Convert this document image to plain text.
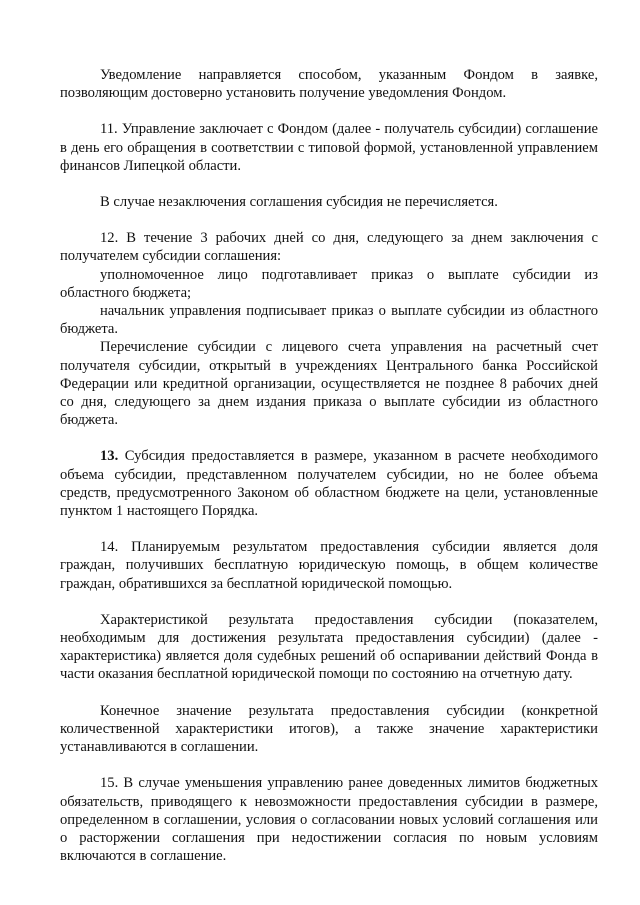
Уведомление направляется способом, указанным Фондом в заявке, позволяющим достоверно установить получение уведомления Фондом.

11. Управление заключает с Фондом (далее - получатель субсидии) соглашение в день его обращения в соответствии с типовой формой, установленной управлением финансов Липецкой области.

В случае незаключения соглашения субсидия не перечисляется.

12. В течение 3 рабочих дней со дня, следующего за днем заключения с получателем субсидии соглашения:

уполномоченное лицо подготавливает приказ о выплате субсидии из областного бюджета;

начальник управления подписывает приказ о выплате субсидии из областного бюджета.

Перечисление субсидии с лицевого счета управления на расчетный счет получателя субсидии, открытый в учреждениях Центрального банка Российской Федерации или кредитной организации, осуществляется не позднее 8 рабочих дней со дня, следующего за днем издания приказа о выплате субсидии из областного бюджета.

13. Субсидия предоставляется в размере, указанном в расчете необходимого объема субсидии, представленном получателем субсидии, но не более объема средств, предусмотренного Законом об областном бюджете на цели, установленные пунктом 1 настоящего Порядка.

14. Планируемым результатом предоставления субсидии является доля граждан, получивших бесплатную юридическую помощь, в общем количестве граждан, обратившихся за бесплатной юридической помощью.

Характеристикой результата предоставления субсидии (показателем, необходимым для достижения результата предоставления субсидии) (далее - характеристика) является доля судебных решений об оспаривании действий Фонда в части оказания бесплатной юридической помощи по состоянию на отчетную дату.

Конечное значение результата предоставления субсидии (конкретной количественной характеристики итогов), а также значение характеристики устанавливаются в соглашении.

15. В случае уменьшения управлению ранее доведенных лимитов бюджетных обязательств, приводящего к невозможности предоставления субсидии в размере, определенном в соглашении, условия о согласовании новых условий соглашения или о расторжении соглашения при недостижении согласия по новым условиям включаются в соглашение.
